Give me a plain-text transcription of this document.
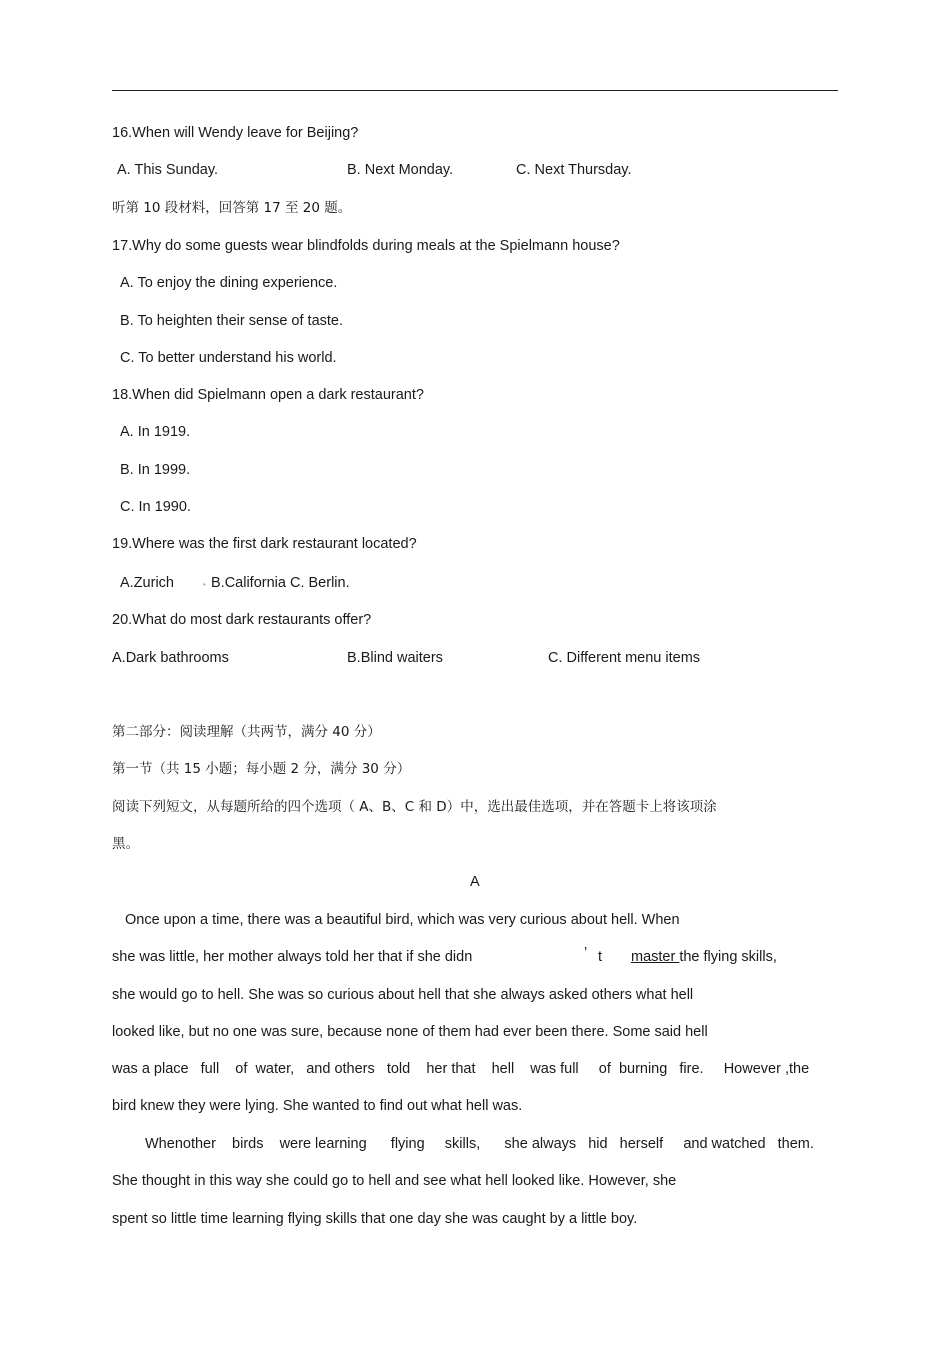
16.When will Wendy leave for Beijing?
A. This Sunday.	B. Next Monday.	C. Next Thursday.
听第 10 段材料，回答第 17 至 20 题。
17.Why do some guests wear blindfolds during meals at the Spielmann house?
A. To enjoy the dining experience.
B. To heighten their sense of taste.
C. To better understand his world.
18.When did Spielmann open a dark restaurant?
A. In 1919.
B. In 1999.
C. In 1990.
19.Where was the first dark restaurant located?
A.Zurich	• B.California C. Berlin.
20.What do most dark restaurants offer?
A.Dark bathrooms	B.Blind waiters	C. Different menu items
第二部分：阅读理解（共两节，满分 40 分）
第一节（共 15 小题；每小题 2 分，满分 30 分）
阅读下列短文，从每题所给的四个选项（ A、B、C 和 D）中，选出最佳选项，并在答题卡上将该项涂
黑。
A
Once upon a time, there was a beautiful bird, which was very curious about hell. When
she was little, her mother always told her that if she didn	’ t master the flying skills,
she would go to hell. She was so curious about hell that she always asked others what hell
looked like, but no one was sure, because none of them had ever been there. Some said hell
was a place   full    of  water,   and others   told    her that    hell    was full     of  burning   fire.     However ,the
bird knew they were lying. She wanted to find out what hell was.
Whenother    birds    were learning      flying     skills,      she always   hid   herself     and watched   them.
She thought in this way she could go to hell and see what hell looked like. However, she
spent so little time learning flying skills that one day she was caught by a little boy.
